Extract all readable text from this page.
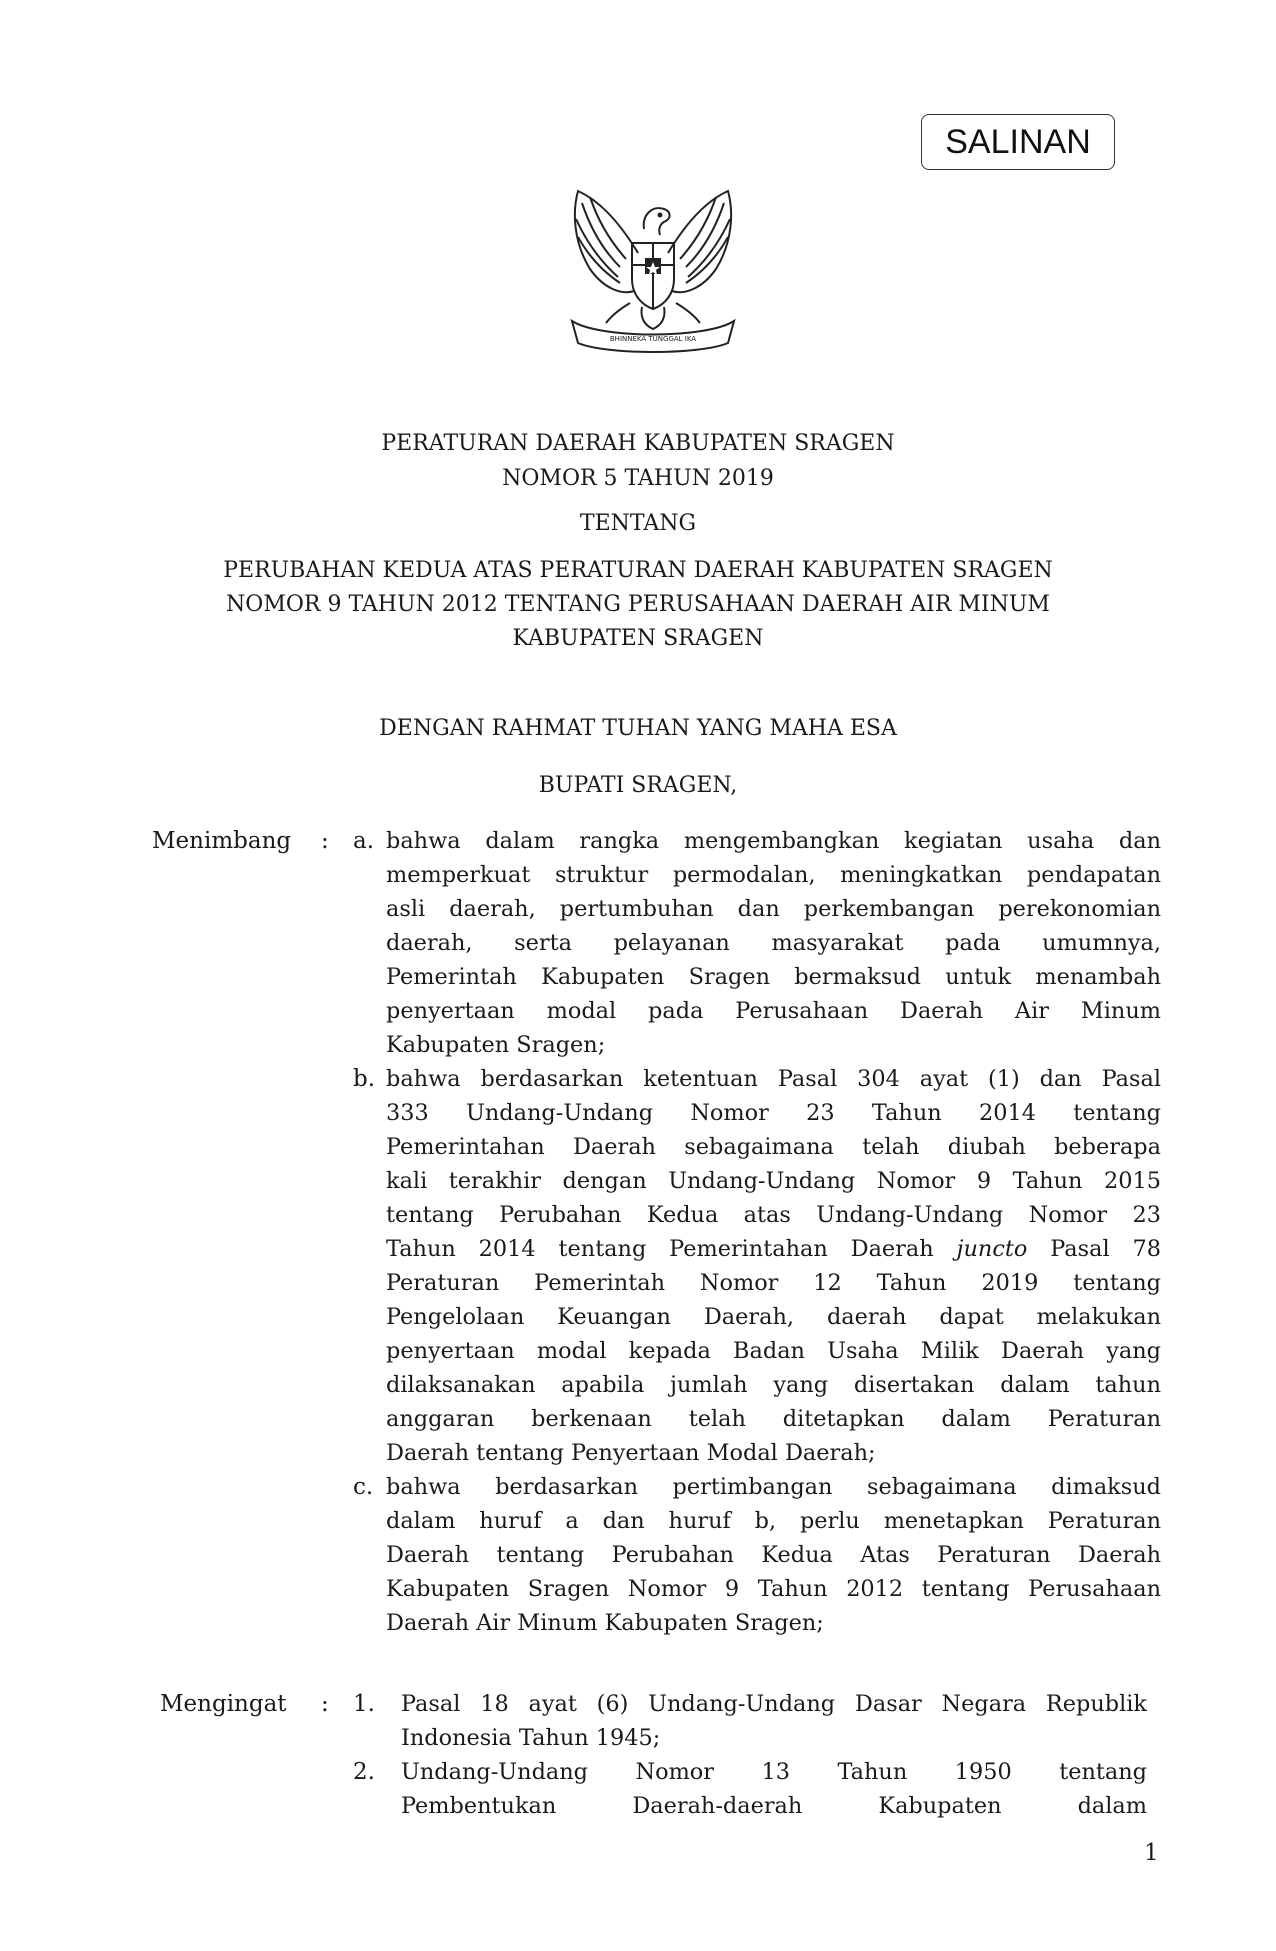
SALINAN
BHINNEKA TUNGGAL IKA
PERATURAN DAERAH KABUPATEN SRAGEN
NOMOR 5 TAHUN 2019
TENTANG
PERUBAHAN KEDUA ATAS PERATURAN DAERAH KABUPATEN SRAGEN
NOMOR 9 TAHUN 2012 TENTANG PERUSAHAAN DAERAH AIR MINUM
KABUPATEN SRAGEN
DENGAN RAHMAT TUHAN YANG MAHA ESA
BUPATI SRAGEN,
Menimbang : a. bahwa dalam rangka mengembangkan kegiatan usaha dan
memperkuat struktur permodalan, meningkatkan pendapatan
asli daerah, pertumbuhan dan perkembangan perekonomian
daerah, serta pelayanan masyarakat pada umumnya,
Pemerintah Kabupaten Sragen bermaksud untuk menambah
penyertaan modal pada Perusahaan Daerah Air Minum
Kabupaten Sragen;
b. bahwa berdasarkan ketentuan Pasal 304 ayat (1) dan Pasal
333 Undang-Undang Nomor 23 Tahun 2014 tentang
Pemerintahan Daerah sebagaimana telah diubah beberapa
kali terakhir dengan Undang-Undang Nomor 9 Tahun 2015
tentang Perubahan Kedua atas Undang-Undang Nomor 23
Tahun 2014 tentang Pemerintahan Daerah juncto Pasal 78
Peraturan Pemerintah Nomor 12 Tahun 2019 tentang
Pengelolaan Keuangan Daerah, daerah dapat melakukan
penyertaan modal kepada Badan Usaha Milik Daerah yang
dilaksanakan apabila jumlah yang disertakan dalam tahun
anggaran berkenaan telah ditetapkan dalam Peraturan
Daerah tentang Penyertaan Modal Daerah;
c. bahwa berdasarkan pertimbangan sebagaimana dimaksud
dalam huruf a dan huruf b, perlu menetapkan Peraturan
Daerah tentang Perubahan Kedua Atas Peraturan Daerah
Kabupaten Sragen Nomor 9 Tahun 2012 tentang Perusahaan
Daerah Air Minum Kabupaten Sragen;
Mengingat : 1. Pasal 18 ayat (6) Undang-Undang Dasar Negara Republik
Indonesia Tahun 1945;
2. Undang-Undang Nomor 13 Tahun 1950 tentang
Pembentukan Daerah-daerah Kabupaten dalam
1
